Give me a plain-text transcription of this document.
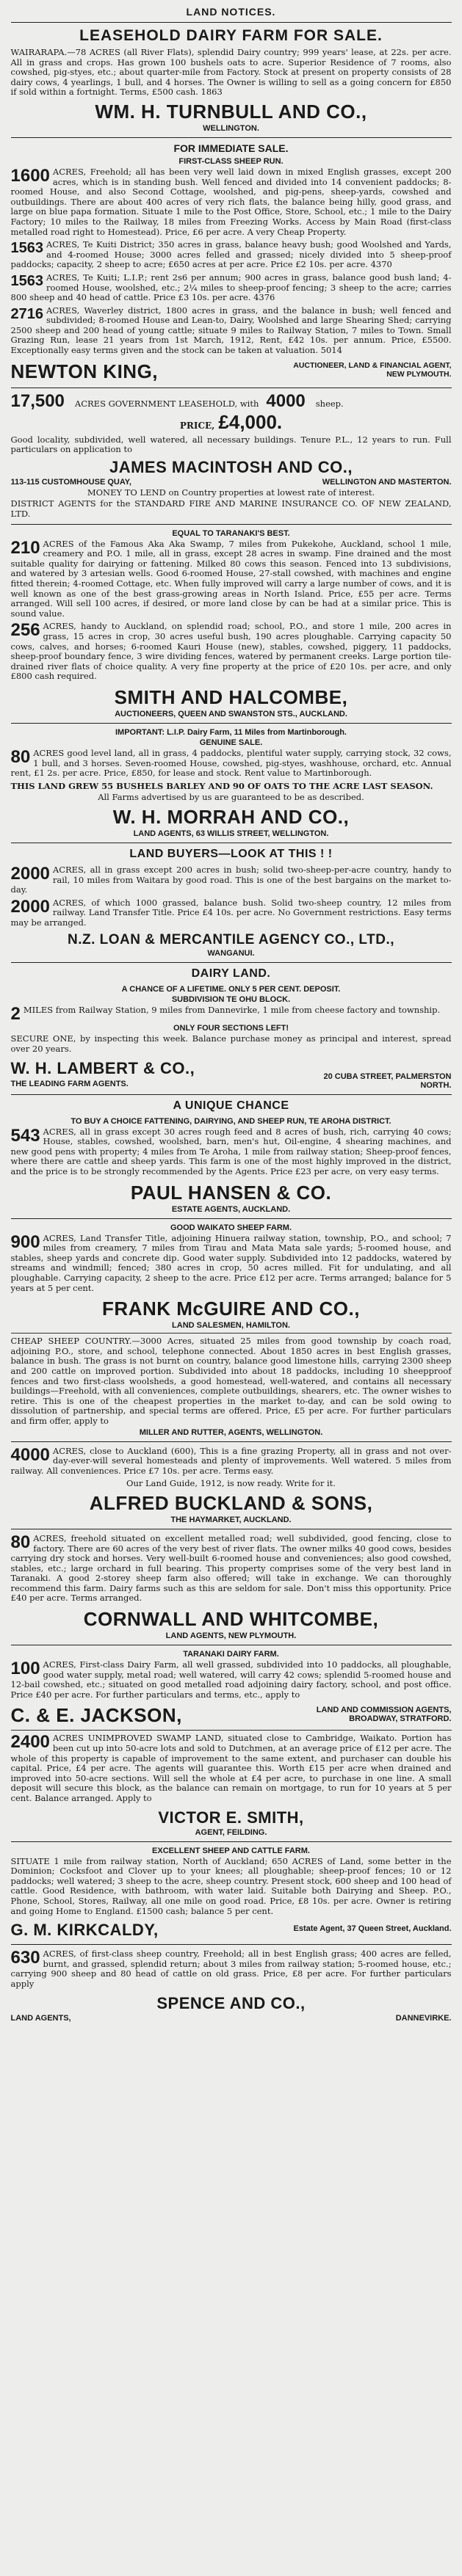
LAND NOTICES.
LEASEHOLD DAIRY FARM FOR SALE.

WAIRARAPA.—78 ACRES (all River Flats), splendid Dairy country; 999 years' lease, at 22s. per acre. All in grass and crops. Has grown 100 bushels oats to acre. Superior Residence of 7 rooms, also cowshed, pig-styes, etc.; about quarter-mile from Factory. Stock at present on property consists of 28 dairy cows, 4 yearlings, 1 bull, and 4 horses. The Owner is willing to sell as a going concern for £850 if sold within a fortnight. Terms, £500 cash. 1863

WM. H. TURNBULL AND CO.,
WELLINGTON.
FOR IMMEDIATE SALE.
FIRST-CLASS SHEEP RUN.
1600 ACRES, Freehold; all has been very well laid down in mixed English grasses, except 200 acres, which is in standing bush. Well fenced and divided into 14 convenient paddocks; 8-roomed House, and also Second Cottage, woolshed, and pig-pens, sheep-yards, cowshed and outbuildings. There are about 400 acres of very rich flats, the balance being hilly, good grass, and large on blue papa formation. Situate 1 mile to the Post Office, Store, School, etc.; 1 mile to the Dairy Factory; 10 miles to the Railway, 18 miles from Freezing Works. Access by Main Road (first-class metalled road right to Homestead). Price, £6 per acre. A very Cheap Property.

1563 ACRES, Te Kuiti District; 350 acres in grass, balance heavy bush; good Woolshed and Yards, and 4-roomed House; 3000 acres felled and grassed; nicely divided into 5 sheep-proof paddocks; capacity, 2 sheep to acre; £650 acres at per acre. Price £2 10s. per acre. 4370

1563 ACRES, Te Kuiti; L.I.P.; rent 2s6 per annum; 900 acres in grass, balance good bush land; 4-roomed House, woolshed, etc.; 2¼ miles to sheep-proof fencing; 3 sheep to the acre; carries 800 sheep and 40 head of cattle. Price £3 10s. per acre. 4376

2716 ACRES, Waverley district, 1800 acres in grass, and the balance in bush; well fenced and subdivided; 8-roomed House and Lean-to, Dairy, Woolshed and large Shearing Shed; carrying 2500 sheep and 200 head of young cattle; situate 9 miles to Railway Station, 7 miles to Town. Small Grazing Run, lease 21 years from 1st March, 1912, Rent, £42 10s. per annum. Price, £5500. Exceptionally easy terms given and the stock can be taken at valuation. 5014

NEWTON KING,	AUCTIONEER, LAND & FINANCIAL AGENT, NEW PLYMOUTH.
17,500 ACRES GOVERNMENT LEASEHOLD, with 4000 sheep.
PRICE, £4,000.

Good locality, subdivided, well watered, all necessary buildings. Tenure P.L., 12 years to run. Full particulars on application to

JAMES MACINTOSH AND CO.,
113-115 CUSTOMHOUSE QUAY,	WELLINGTON AND MASTERTON.

MONEY TO LEND on Country properties at lowest rate of interest.

DISTRICT AGENTS for the STANDARD FIRE AND MARINE INSURANCE CO. OF NEW ZEALAND, LTD.

EQUAL TO TARANAKI'S BEST.
210 ACRES of the Famous Aka Aka Swamp, 7 miles from Pukekohe, Auckland, school 1 mile, creamery and P.O. 1 mile, all in grass, except 28 acres in swamp. Fine drained and the most suitable quality for dairying or fattening. Milked 80 cows this season. Fenced into 13 subdivisions, and watered by 3 artesian wells. Good 6-roomed House, 27-stall cowshed, with machines and engine fitted therein; 4-roomed Cottage, etc. When fully improved will carry a large number of cows, and it is well known as one of the best grass-growing areas in North Island. Price, £55 per acre. Terms arranged. Will sell 100 acres, if desired, or more land close by can be had at a similar price. This is sound value.

256 ACRES, handy to Auckland, on splendid road; school, P.O., and store 1 mile, 200 acres in grass, 15 acres in crop, 30 acres useful bush, 190 acres ploughable. Carrying capacity 50 cows, calves, and horses; 6-roomed Kauri House (new), stables, cowshed, piggery, 11 paddocks, sheep-proof boundary fence, 3 wire dividing fences, watered by permanent creeks. Large portion tile-drained river flats of choice quality. A very fine property at the price of £20 10s. per acre, and only £800 cash required.

SMITH AND HALCOMBE,
AUCTIONEERS, QUEEN AND SWANSTON STS., AUCKLAND.
IMPORTANT: L.I.P. Dairy Farm, 11 Miles from Martinborough.
GENUINE SALE.
80 ACRES good level land, all in grass, 4 paddocks, plentiful water supply, carrying stock, 32 cows, 1 bull, and 3 horses. Seven-roomed House, cowshed, pig-styes, washhouse, orchard, etc. Annual rent, £1 2s. per acre. Price, £850, for lease and stock. Rent value to Martinborough.

THIS LAND GREW 55 BUSHELS BARLEY AND 90 OF OATS TO THE ACRE LAST SEASON.

All Farms advertised by us are guaranteed to be as described.

W. H. MORRAH AND CO.,
LAND AGENTS, 63 WILLIS STREET, WELLINGTON.
LAND BUYERS—LOOK AT THIS ! !
2000 ACRES, all in grass except 200 acres in bush; solid two-sheep-per-acre country, handy to rail, 10 miles from Waitara by good road. This is one of the best bargains on the market to-day.

2000 ACRES, of which 1000 grassed, balance bush. Solid two-sheep country, 12 miles from railway. Land Transfer Title. Price £4 10s. per acre. No Government restrictions. Easy terms may be arranged.

N.Z. LOAN & MERCANTILE AGENCY CO., LTD.,
WANGANUI.
DAIRY LAND.
A CHANCE OF A LIFETIME. ONLY 5 PER CENT. DEPOSIT.
SUBDIVISION TE OHU BLOCK.
2 MILES from Railway Station, 9 miles from Dannevirke, 1 mile from cheese factory and township.

ONLY FOUR SECTIONS LEFT!

SECURE ONE, by inspecting this week. Balance purchase money as principal and interest, spread over 20 years.

W. H. LAMBERT & CO.,
THE LEADING FARM AGENTS.
20 CUBA STREET, PALMERSTON NORTH.
A UNIQUE CHANCE
TO BUY A CHOICE FATTENING, DAIRYING, AND SHEEP RUN, TE AROHA DISTRICT.
543 ACRES, all in grass except 30 acres rough feed and 8 acres of bush, rich, carrying 40 cows; House, stables, cowshed, woolshed, barn, men's hut, Oil-engine, 4 shearing machines, and new good pens with property; 4 miles from Te Aroha, 1 mile from railway station; Sheep-proof fences, where there are cattle and sheep yards. This farm is one of the most highly improved in the district, and the price is to be strongly recommended by the Agents. Price £23 per acre, on very easy terms.

PAUL HANSEN & CO.
ESTATE AGENTS, AUCKLAND.
GOOD WAIKATO SHEEP FARM.
900 ACRES, Land Transfer Title, adjoining Hinuera railway station, township, P.O., and school; 7 miles from creamery, 7 miles from Tirau and Mata Mata sale yards; 5-roomed house, and stables, sheep yards and concrete dip. Good water supply. Subdivided into 12 paddocks, watered by streams and windmill; fenced; 380 acres in crop, 50 acres milled. Fit for undulating, and all ploughable. Carrying capacity, 2 sheep to the acre. Price £12 per acre. Terms arranged; balance for 5 years at 5 per cent.

FRANK McGUIRE AND CO.,
LAND SALESMEN, HAMILTON.

CHEAP SHEEP COUNTRY.—3000 Acres, situated 25 miles from good township by coach road, adjoining P.O., store, and school, telephone connected. About 1850 acres in best English grasses, balance in bush. The grass is not burnt on country, balance good limestone hills, carrying 2300 sheep and 200 cattle on improved portion. Subdivided into about 18 paddocks, including 10 sheepproof fences and two first-class woolsheds, a good homestead, well-watered, and contains all necessary buildings—Freehold, with all conveniences, complete outbuildings, shearers, etc. The owner wishes to retire. This is one of the cheapest properties in the market to-day, and can be sold owing to dissolution of partnership, and special terms are offered. Price, £5 per acre. For further particulars and firm offer, apply to

MILLER AND RUTTER, AGENTS, WELLINGTON.
4000 ACRES, close to Auckland (600), This is a fine grazing Property, all in grass and not over-day-ever-will several homesteads and plenty of improvements. Well watered. 5 miles from railway. All conveniences. Price £7 10s. per acre. Terms easy.

Our Land Guide, 1912, is now ready. Write for it.

ALFRED BUCKLAND & SONS,
THE HAYMARKET, AUCKLAND.
80 ACRES, freehold situated on excellent metalled road; well subdivided, good fencing, close to factory. There are 60 acres of the very best of river flats. The owner milks 40 good cows, besides carrying dry stock and horses. Very well-built 6-roomed house and conveniences; also good cowshed, stables, etc.; large orchard in full bearing. This property comprises some of the very best land in Taranaki. A good 2-storey sheep farm also offered; will take in exchange. We can thoroughly recommend this farm. Dairy farms such as this are seldom for sale. Don't miss this opportunity. Price £40 per acre. Terms arranged.

CORNWALL AND WHITCOMBE,
LAND AGENTS, NEW PLYMOUTH.
TARANAKI DAIRY FARM.
100 ACRES, First-class Dairy Farm, all well grassed, subdivided into 10 paddocks, all ploughable, good water supply, metal road; well watered, will carry 42 cows; splendid 5-roomed house and 12-bail cowshed, etc.; situated on good metalled road adjoining dairy factory, school, and post office. Price £40 per acre. For further particulars and terms, etc., apply to

C. & E. JACKSON,	LAND AND COMMISSION AGENTS, BROADWAY, STRATFORD.
2400 ACRES UNIMPROVED SWAMP LAND, situated close to Cambridge, Waikato. Portion has been cut up into 50-acre lots and sold to Dutchmen, at an average price of £12 per acre. The whole of this property is capable of improvement to the same extent, and purchaser can double his capital. Price, £4 per acre. The agents will guarantee this. Worth £15 per acre when drained and improved into 50-acre sections. Will sell the whole at £4 per acre, to purchase in one line. A small deposit will secure this block, as the balance can remain on mortgage, to run for 10 years at 5 per cent. Balance arranged. Apply to

VICTOR E. SMITH,
AGENT, FEILDING.
EXCELLENT SHEEP AND CATTLE FARM.

SITUATE 1 mile from railway station, North of Auckland; 650 ACRES of Land, some better in the Dominion; Cocksfoot and Clover up to your knees; all ploughable; sheep-proof fences; 10 or 12 paddocks; well watered; 3 sheep to the acre, sheep country. Present stock, 600 sheep and 100 head of cattle. Good Residence, with bathroom, with water laid. Suitable both Dairying and Sheep. P.O., Phone, School, Stores, Railway, all one mile on good road. Price, £8 10s. per acre. Owner is retiring and going Home to England. £1500 cash; balance 5 per cent.

G. M. KIRKCALDY,	Estate Agent, 37 Queen Street, Auckland.
630 ACRES, of first-class sheep country, Freehold; all in best English grass; 400 acres are felled, burnt, and grassed, splendid return; about 3 miles from railway station; 5-roomed house, etc.; carrying 900 sheep and 80 head of cattle on old grass. Price, £8 per acre. For further particulars apply

SPENCE AND CO.,
LAND AGENTS,	DANNEVIRKE.
